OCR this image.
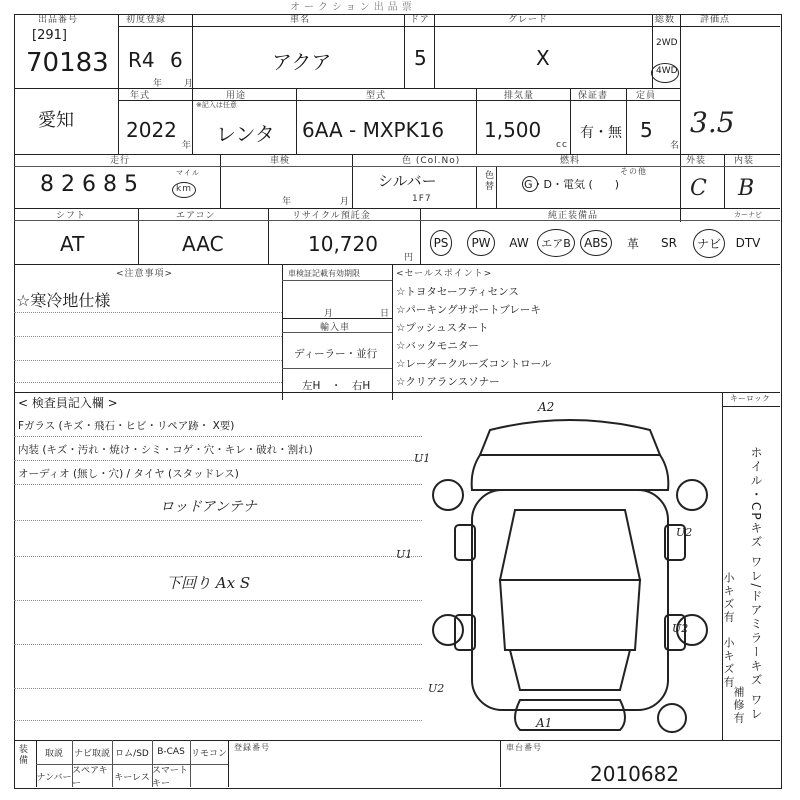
オークション出品票
出品番号
[291]
70183
初度登録
R4 6
年 月
車名
アクア
ドア
5
グレード
X
総数
2WD
4WD
評価点
3.5
愛知
年式
2022
年
用途
※記入は任意
レンタ
型式
6AA - MXPK16
排気量
1,500
cc
保証書
有・無
定員
5
名
走行
8 2 6 8 5	マイル
km
車検
年	月
色 (Col.No)
シルバー
1F7
色替
燃料
その他
G・D・電気 (　　)
外装
C
内装
B
シフト
AT
エアコン
AAC
リサイクル預託金
10,720
円
純正装備品	カーナビ
PS	PW	AW	エアB	ABS	革 SR	ナビ	DTV
<注意事項>
☆寒冷地仕様
車検証記載有効期限
月	日
輸入車
ディーラー・並行
左H　・　右H
<セールスポイント>
☆トヨタセーフティセンス
☆パーキングサポートブレーキ
☆プッシュスタート
☆バックモニター
☆レーダークルーズコントロール
☆クリアランスソナー
< 検査員記入欄 >
Fガラス (キズ・飛石・ヒビ・リペア跡・ X要)
内装 (キズ・汚れ・焼け・シミ・コゲ・穴・キレ・破れ・割れ)
オーディオ (無し・穴) / タイヤ (スタッドレス)
ロッドアンテナ
下回り Ax S
キーロック
ホイル・CPキズ ワレ/ドアミラーキズ ワレ
小キズ有　小キズ有
補修有
A2
U1
U2
U1
U2
U2
A1
装備	取説	ナビ取説 ロム/SD B-CAS リモコン
ナンバー
スペアキー
キーレス
スマートキー
登録番号	車台番号
2010682
